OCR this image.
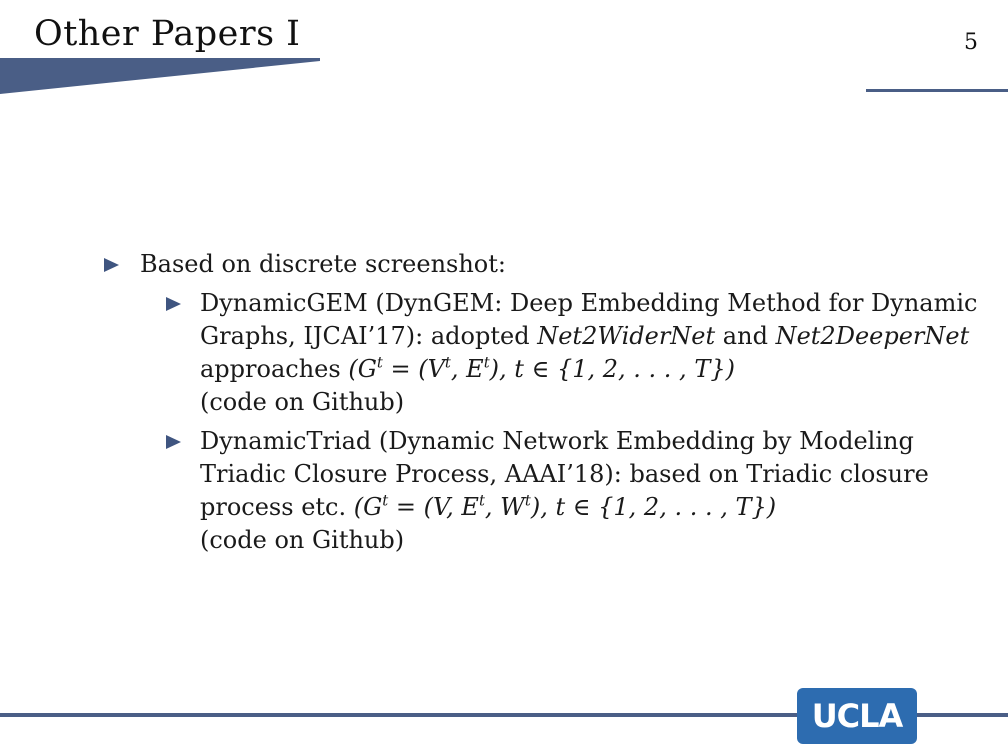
Other Papers I	5
Based on discrete screenshot:
DynamicGEM (DynGEM: Deep Embedding Method for Dynamic Graphs, IJCAI’17): adopted Net2WiderNet and Net2DeeperNet approaches ($G^t = (V^t$, $E^t$), t ∈ {1, 2, . . . , T})
(code on Github)
DynamicTriad (Dynamic Network Embedding by Modeling Triadic Closure Process, AAAI’18): based on Triadic closure process etc. ($G^t = (V$, $E^t$, $W^t$), t ∈ {1, 2, . . . , T})
(code on Github)
UCLA
